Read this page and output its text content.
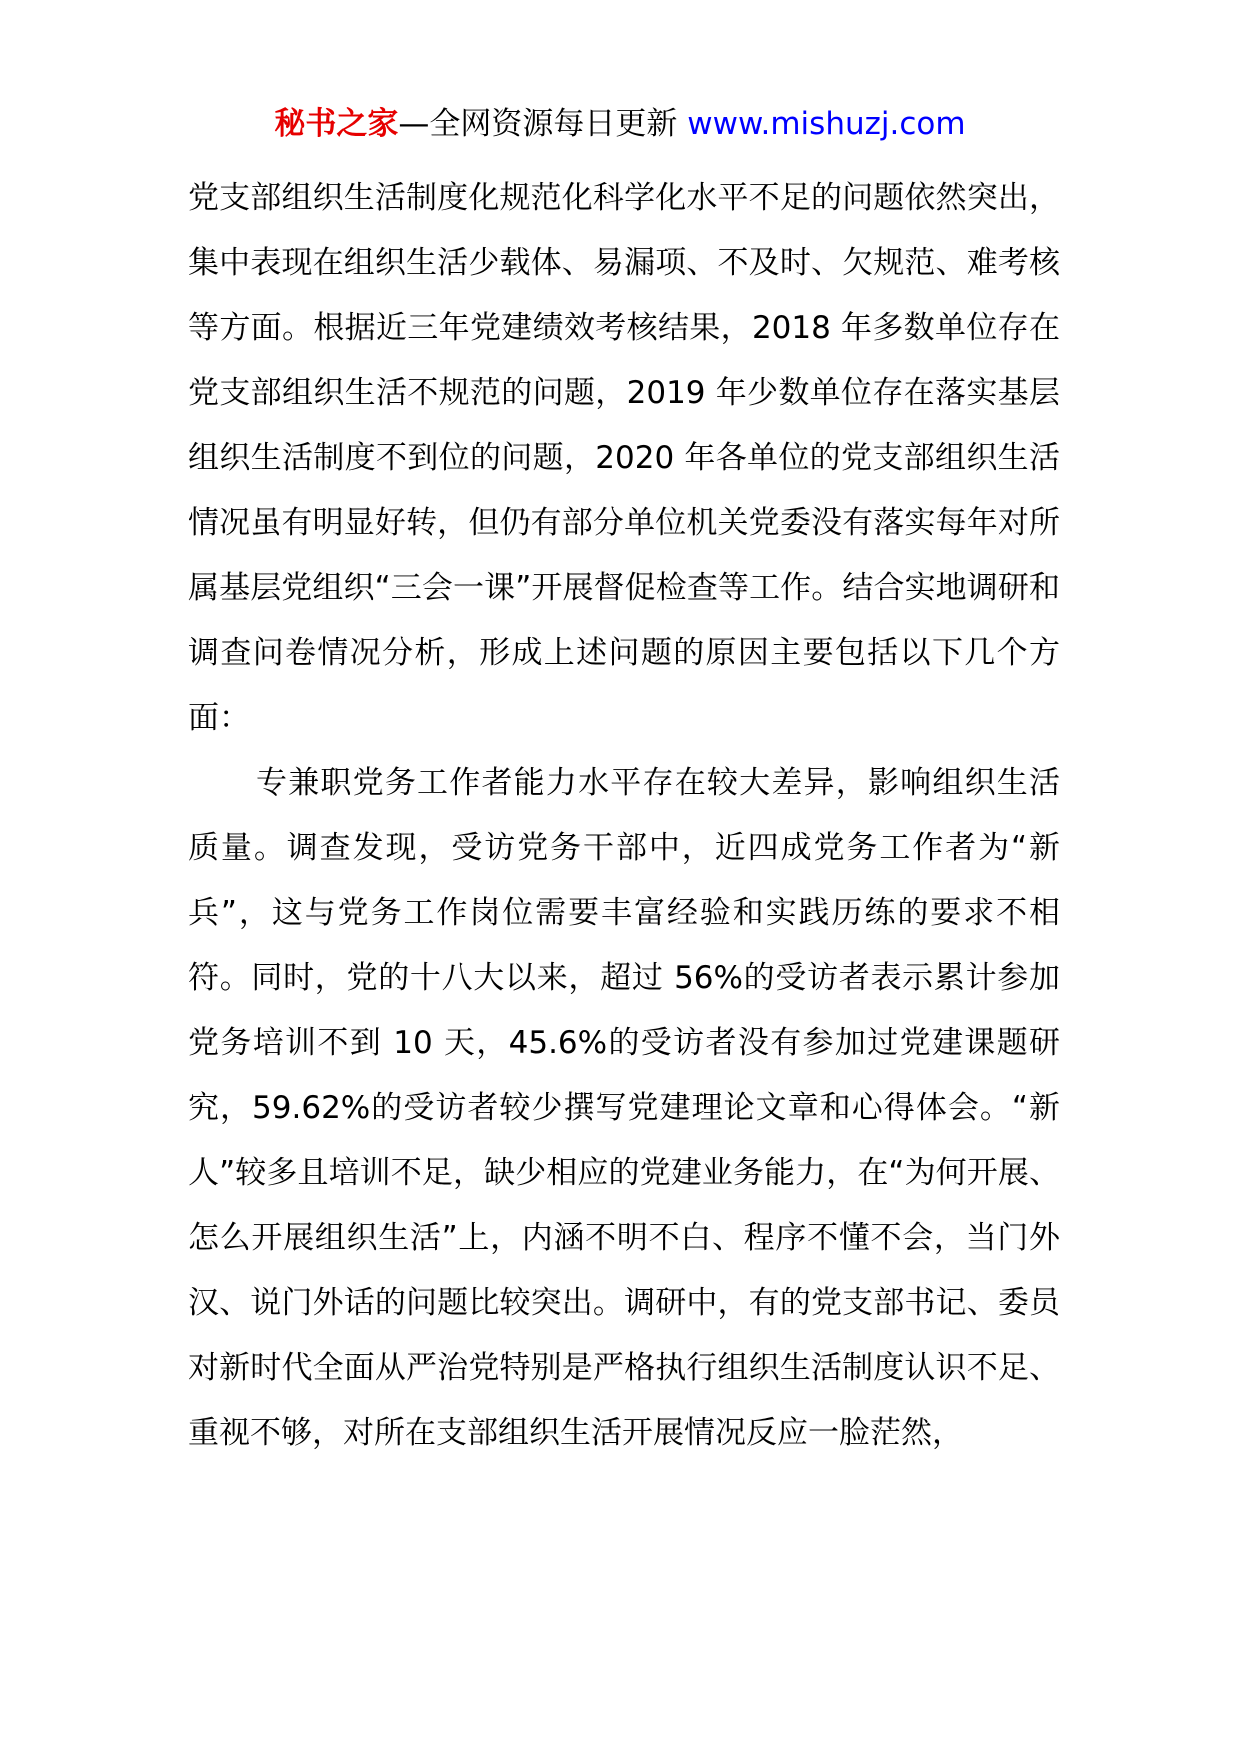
秘书之家—全网资源每日更新 www.mishuzj.com

党支部组织生活制度化规范化科学化水平不足的问题依然突出，集中表现在组织生活少载体、易漏项、不及时、欠规范、难考核等方面。根据近三年党建绩效考核结果，2018 年多数单位存在党支部组织生活不规范的问题，2019 年少数单位存在落实基层组织生活制度不到位的问题，2020 年各单位的党支部组织生活情况虽有明显好转，但仍有部分单位机关党委没有落实每年对所属基层党组织“三会一课”开展督促检查等工作。结合实地调研和调查问卷情况分析，形成上述问题的原因主要包括以下几个方面：

专兼职党务工作者能力水平存在较大差异，影响组织生活质量。调查发现，受访党务干部中，近四成党务工作者为“新兵”，这与党务工作岗位需要丰富经验和实践历练的要求不相符。同时，党的十八大以来，超过 56%的受访者表示累计参加党务培训不到 10 天，45.6%的受访者没有参加过党建课题研究，59.62%的受访者较少撰写党建理论文章和心得体会。“新人”较多且培训不足，缺少相应的党建业务能力，在“为何开展、怎么开展组织生活”上，内涵不明不白、程序不懂不会，当门外汉、说门外话的问题比较突出。调研中，有的党支部书记、委员对新时代全面从严治党特别是严格执行组织生活制度认识不足、重视不够，对所在支部组织生活开展情况反应一脸茫然，
